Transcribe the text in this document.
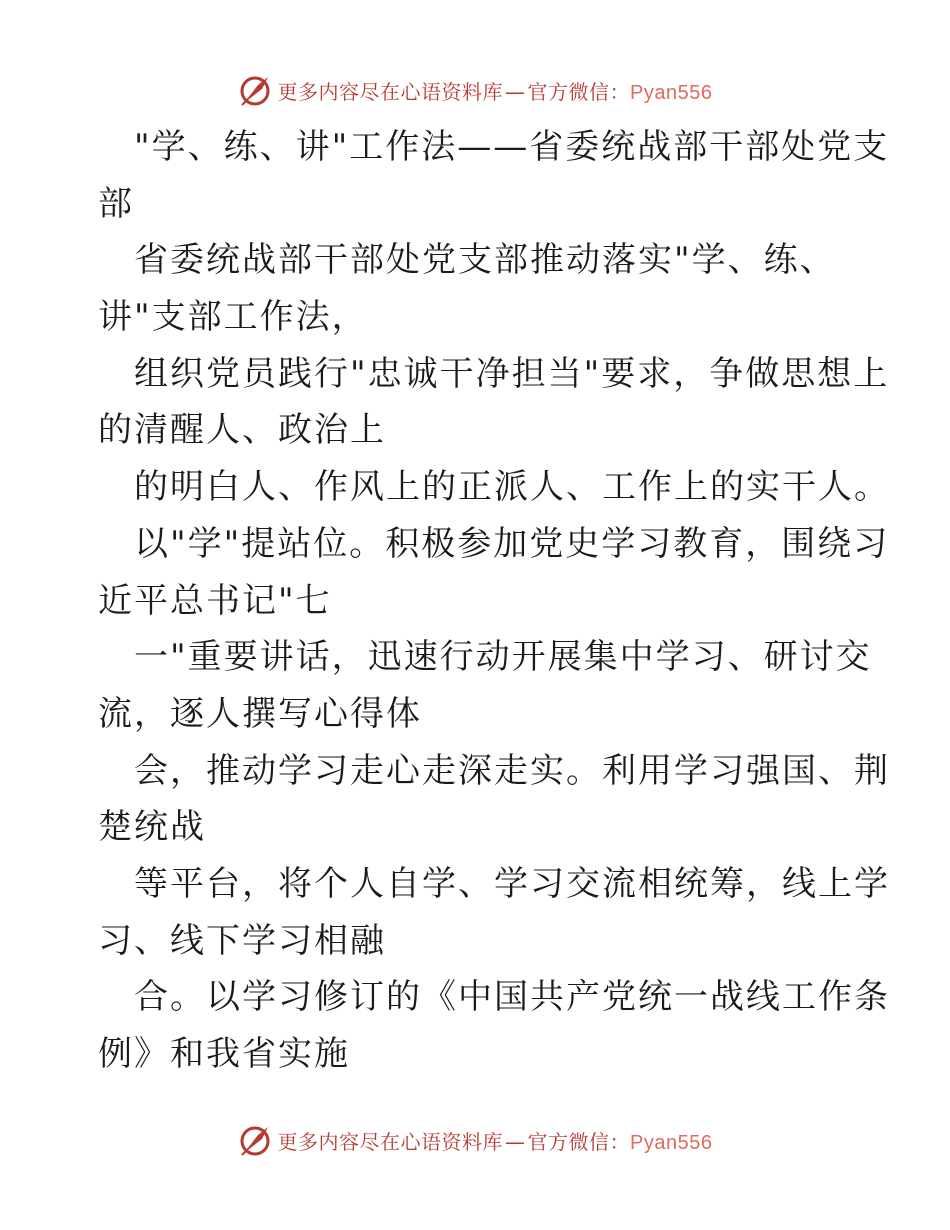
更多内容尽在心语资料库 — 官方微信：Pyan556
"学、练、讲"工作法——省委统战部干部处党支
部
省委统战部干部处党支部推动落实"学、练、
讲"支部工作法，
组织党员践行"忠诚干净担当"要求，争做思想上
的清醒人、政治上
的明白人、作风上的正派人、工作上的实干人。
以"学"提站位。积极参加党史学习教育，围绕习
近平总书记"七
一"重要讲话，迅速行动开展集中学习、研讨交
流，逐人撰写心得体
会，推动学习走心走深走实。利用学习强国、荆
楚统战
等平台，将个人自学、学习交流相统筹，线上学
习、线下学习相融
合。以学习修订的《中国共产党统一战线工作条
例》和我省实施
更多内容尽在心语资料库 — 官方微信：Pyan556
